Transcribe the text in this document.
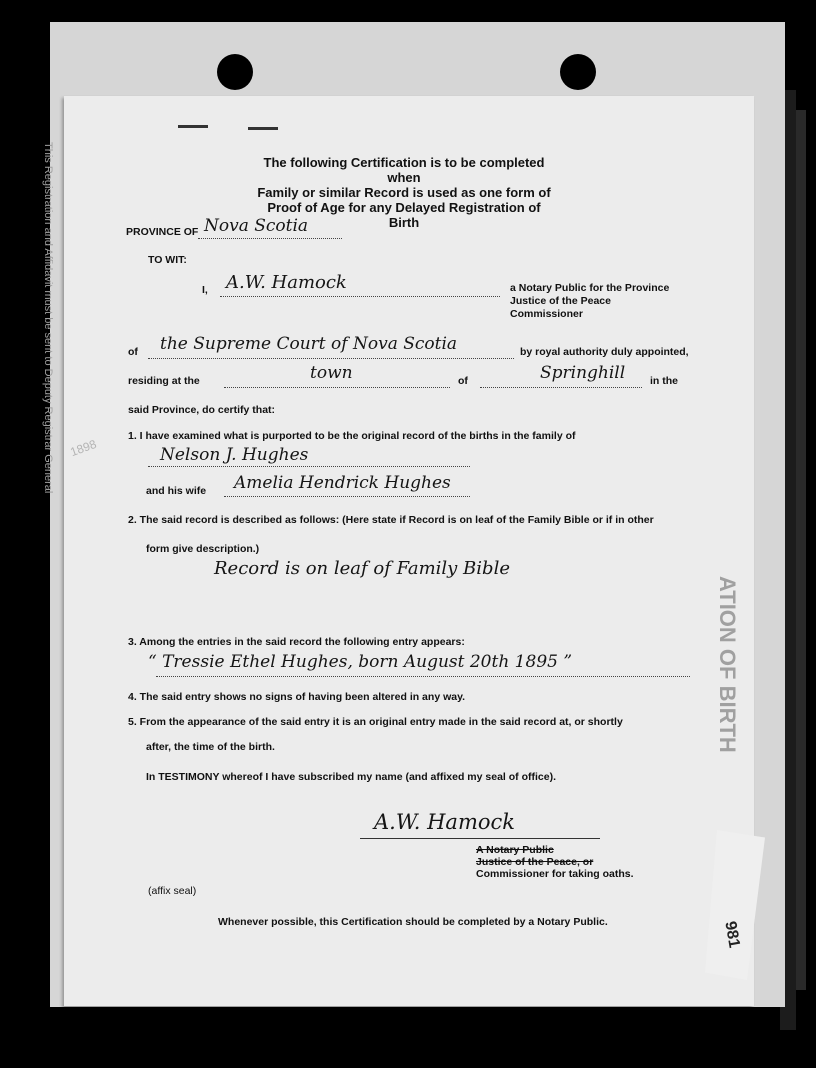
This Registration and Affidavit must be sent to Deputy Registrar General
ATION OF BIRTH
1898
The following Certification is to be completed when
Family or similar Record is used as one form of
Proof of Age for any Delayed Registration of Birth
PROVINCE OF Nova Scotia
TO WIT:
I, A.W. Hamock	a Notary Public for the Province
Justice of the Peace
Commissioner
of the Supreme Court of Nova Scotia	by royal authority duly appointed,
residing at the	town	of	Springhill in the
said Province, do certify that:
1. I have examined what is purported to be the original record of the births in the family of
Nelson J. Hughes
and his wife Amelia Hendrick Hughes
2. The said record is described as follows: (Here state if Record is on leaf of the Family Bible or if in other
form give description.)
Record is on leaf of Family Bible
3. Among the entries in the said record the following entry appears:
“ Tressie Ethel Hughes, born August 20th 1895 ”
4. The said entry shows no signs of having been altered in any way.
5. From the appearance of the said entry it is an original entry made in the said record at, or shortly
after, the time of the birth.
In TESTIMONY whereof I have subscribed my name (and affixed my seal of office).
A.W. Hamock
A Notary Public
Justice of the Peace, or
Commissioner for taking oaths.
(affix seal)
Whenever possible, this Certification should be completed by a Notary Public.	981
